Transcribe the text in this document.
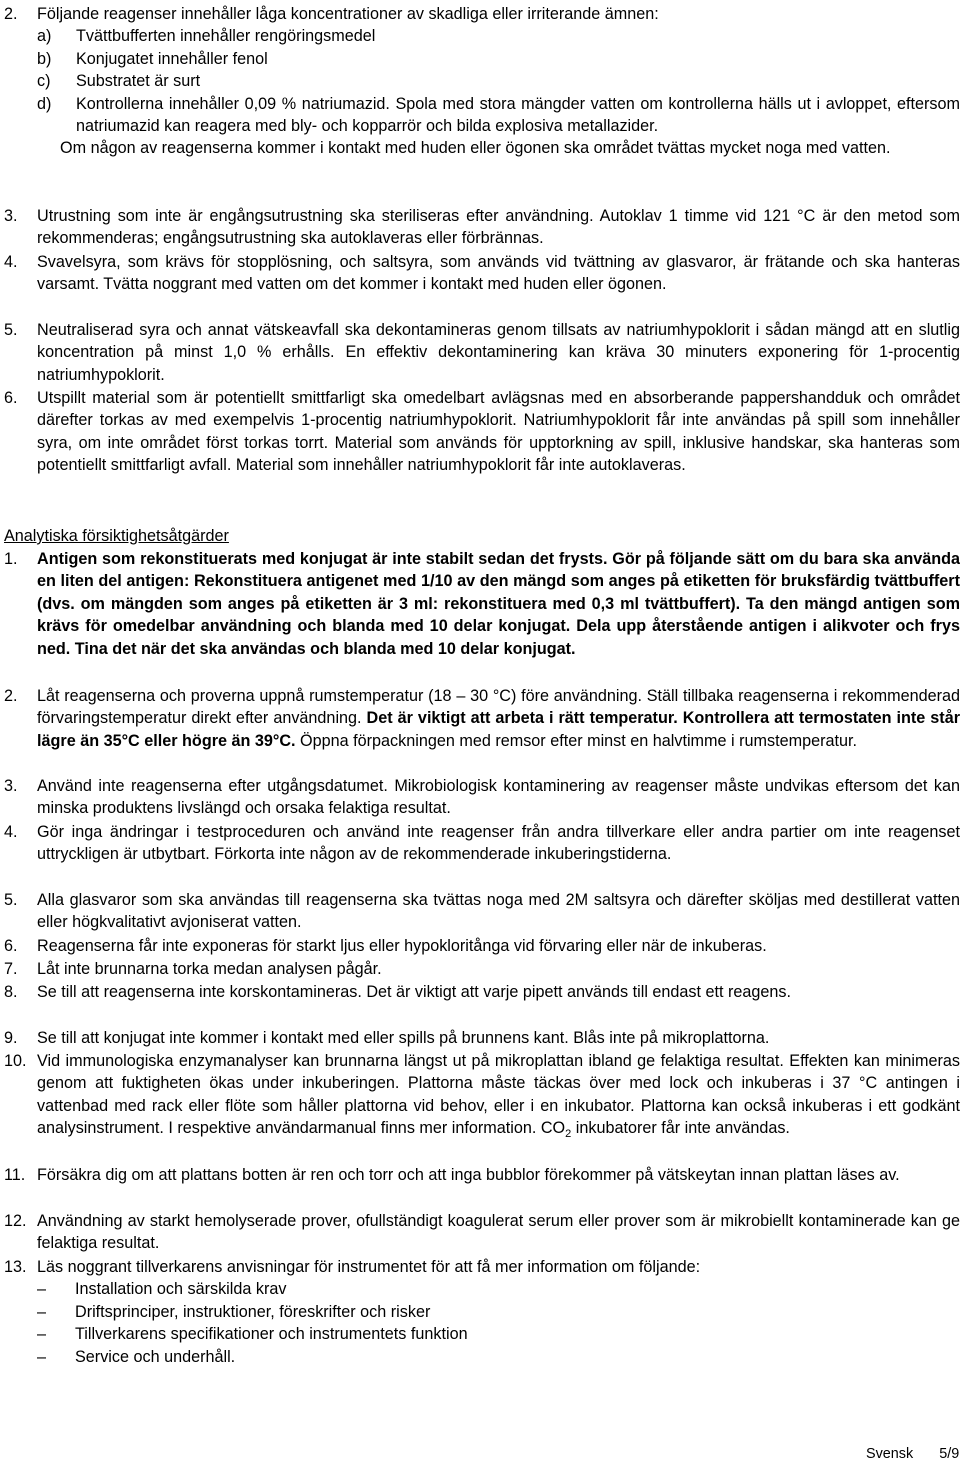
2. Följande reagenser innehåller låga koncentrationer av skadliga eller irriterande ämnen:
a) Tvättbufferten innehåller rengöringsmedel
b) Konjugatet innehåller fenol
c) Substratet är surt
d) Kontrollerna innehåller 0,09 % natriumazid. Spola med stora mängder vatten om kontrollerna hälls ut i avloppet, eftersom natriumazid kan reagera med bly- och kopparrör och bilda explosiva metallazider.
Om någon av reagenserna kommer i kontakt med huden eller ögonen ska området tvättas mycket noga med vatten.
3. Utrustning som inte är engångsutrustning ska steriliseras efter användning. Autoklav 1 timme vid 121 °C är den metod som rekommenderas; engångsutrustning ska autoklaveras eller förbrännas.
4. Svavelsyra, som krävs för stopplösning, och saltsyra, som används vid tvättning av glasvaror, är frätande och ska hanteras varsamt. Tvätta noggrant med vatten om det kommer i kontakt med huden eller ögonen.
5. Neutraliserad syra och annat vätskeavfall ska dekontamineras genom tillsats av natriumhypoklorit i sådan mängd att en slutlig koncentration på minst 1,0 % erhålls. En effektiv dekontaminering kan kräva 30 minuters exponering för 1-procentig natriumhypoklorit.
6. Utspillt material som är potentiellt smittfarligt ska omedelbart avlägsnas med en absorberande pappershandduk och området därefter torkas av med exempelvis 1-procentig natriumhypoklorit. Natriumhypoklorit får inte användas på spill som innehåller syra, om inte området först torkas torrt. Material som används för upptorkning av spill, inklusive handskar, ska hanteras som potentiellt smittfarligt avfall. Material som innehåller natriumhypoklorit får inte autoklaveras.
Analytiska försiktighetsåtgärder
1. Antigen som rekonstituerats med konjugat är inte stabilt sedan det frysts. Gör på följande sätt om du bara ska använda en liten del antigen: Rekonstituera antigenet med 1/10 av den mängd som anges på etiketten för bruksfärdig tvättbuffert (dvs. om mängden som anges på etiketten är 3 ml: rekonstituera med 0,3 ml tvättbuffert). Ta den mängd antigen som krävs för omedelbar användning och blanda med 10 delar konjugat. Dela upp återstående antigen i alikvoter och frys ned. Tina det när det ska användas och blanda med 10 delar konjugat.
2. Låt reagenserna och proverna uppnå rumstemperatur (18 – 30 °C) före användning. Ställ tillbaka reagenserna i rekommenderad förvaringstemperatur direkt efter användning. Det är viktigt att arbeta i rätt temperatur. Kontrollera att termostaten inte står lägre än 35°C eller högre än 39°C. Öppna förpackningen med remsor efter minst en halvtimme i rumstemperatur.
3. Använd inte reagenserna efter utgångsdatumet. Mikrobiologisk kontaminering av reagenser måste undvikas eftersom det kan minska produktens livslängd och orsaka felaktiga resultat.
4. Gör inga ändringar i testproceduren och använd inte reagenser från andra tillverkare eller andra partier om inte reagenset uttryckligen är utbytbart. Förkorta inte någon av de rekommenderade inkuberingstiderna.
5. Alla glasvaror som ska användas till reagenserna ska tvättas noga med 2M saltsyra och därefter sköljas med destillerat vatten eller högkvalitativt avjoniserat vatten.
6. Reagenserna får inte exponeras för starkt ljus eller hypokloritånga vid förvaring eller när de inkuberas.
7. Låt inte brunnarna torka medan analysen pågår.
8. Se till att reagenserna inte korskontamineras. Det är viktigt att varje pipett används till endast ett reagens.
9. Se till att konjugat inte kommer i kontakt med eller spills på brunnens kant. Blås inte på mikroplattorna.
10. Vid immunologiska enzymanalyser kan brunnarna längst ut på mikroplattan ibland ge felaktiga resultat. Effekten kan minimeras genom att fuktigheten ökas under inkuberingen. Plattorna måste täckas över med lock och inkuberas i 37 °C antingen i vattenbad med rack eller flöte som håller plattorna vid behov, eller i en inkubator. Plattorna kan också inkuberas i ett godkänt analysinstrument. I respektive användarmanual finns mer information. $CO_2$ inkubatorer får inte användas.
11. Försäkra dig om att plattans botten är ren och torr och att inga bubblor förekommer på vätskeytan innan plattan läses av.
12. Användning av starkt hemolyserade prover, ofullständigt koagulerat serum eller prover som är mikrobiellt kontaminerade kan ge felaktiga resultat.
13. Läs noggrant tillverkarens anvisningar för instrumentet för att få mer information om följande:
– Installation och särskilda krav
– Driftsprinciper, instruktioner, föreskrifter och risker
– Tillverkarens specifikationer och instrumentets funktion
– Service och underhåll.
Svensk 5/9
